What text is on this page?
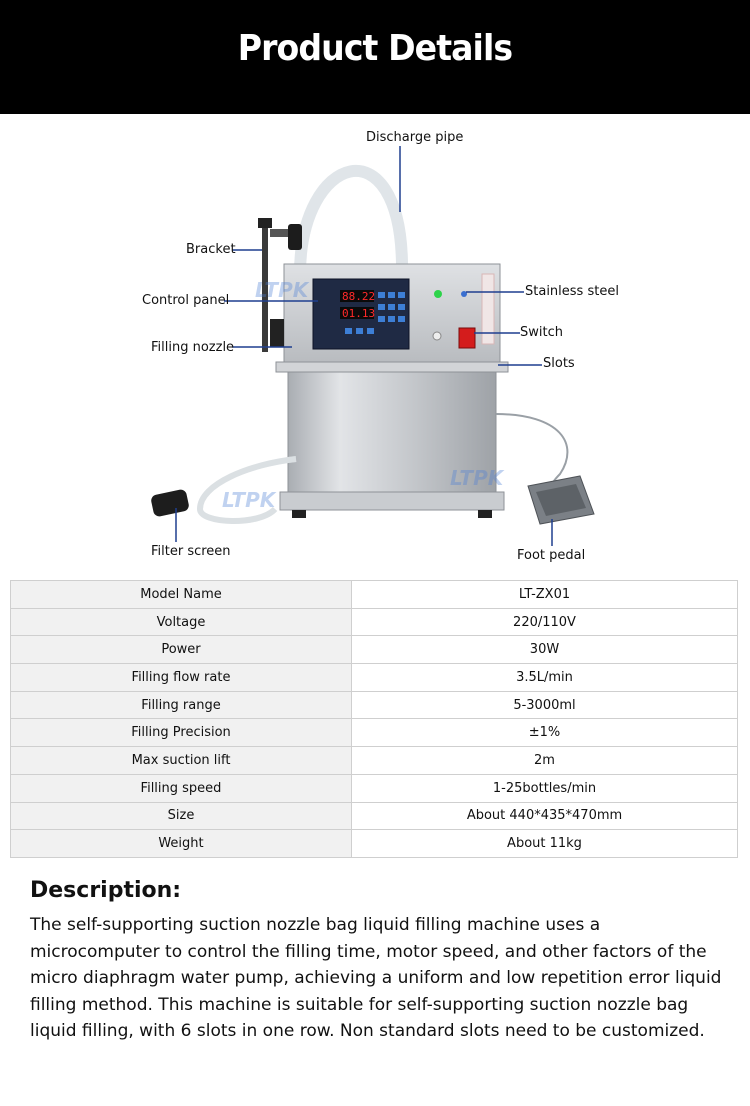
Product Details
88.22
01.13
LTPK
LTPK
LTPK
Discharge pipe
Bracket
Control panel
Filling nozzle
Stainless steel
Switch
Slots
Filter screen	Foot pedal
Model Name	LT-ZX01
Voltage	220/110V
Power	30W
Filling flow rate	3.5L/min
Filling range	5-3000ml
Filling Precision	±1%
Max suction lift	2m
Filling speed	1-25bottles/min
Size	About 440*435*470mm
Weight	About 11kg
Description:

The self-supporting suction nozzle bag liquid filling machine uses a microcomputer to control the filling time, motor speed, and other factors of the micro diaphragm water pump, achieving a uniform and low repetition error liquid filling method. This machine is suitable for self-supporting suction nozzle bag liquid filling, with 6 slots in one row. Non standard slots need to be customized.
